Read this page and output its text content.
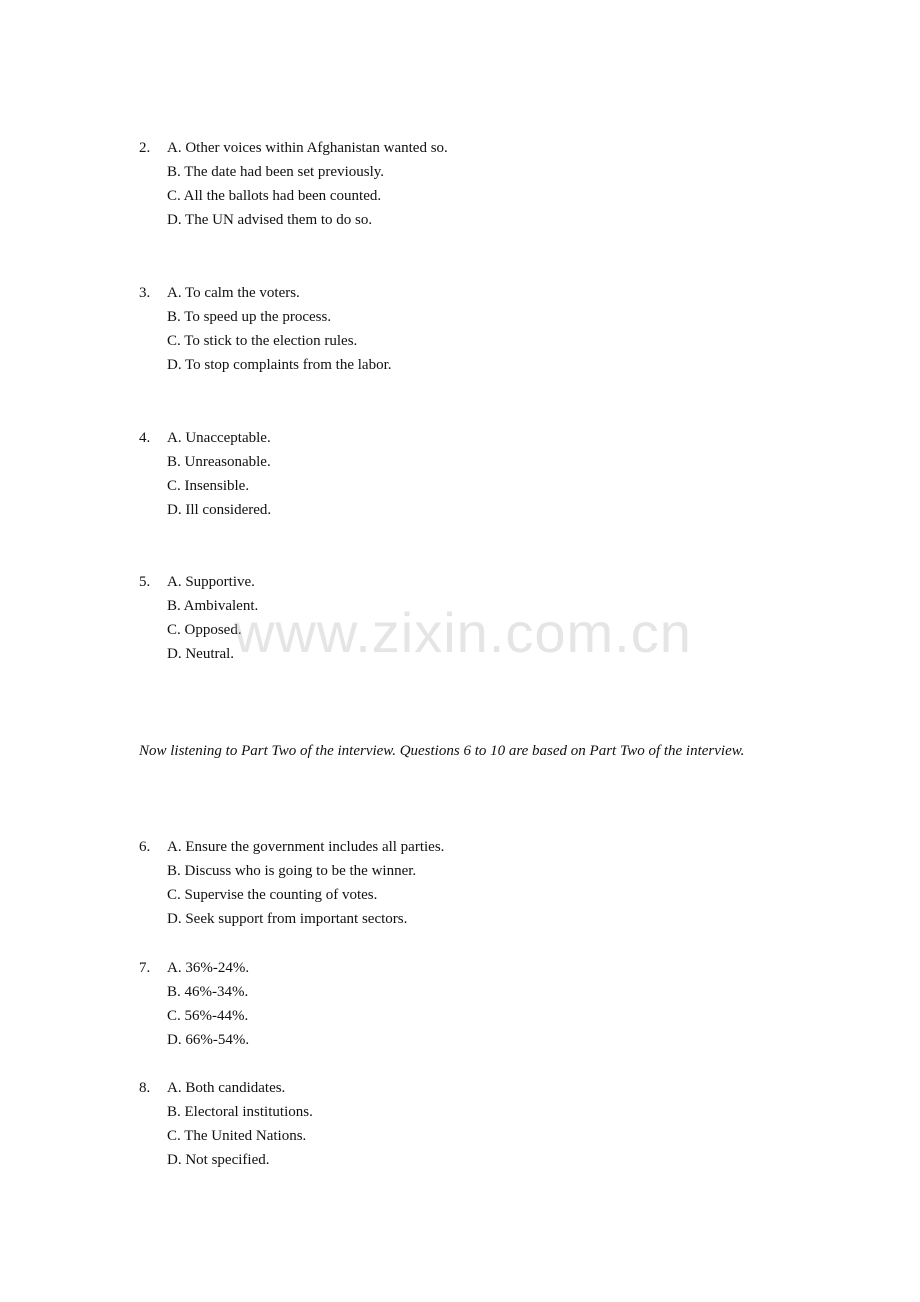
2. A. Other voices within Afghanistan wanted so.
B. The date had been set previously.
C. All the ballots had been counted.
D. The UN advised them to do so.
3. A. To calm the voters.
B. To speed up the process.
C. To stick to the election rules.
D. To stop complaints from the labor.
4. A. Unacceptable.
B. Unreasonable.
C. Insensible.
D. Ill considered.
5. A. Supportive.
B. Ambivalent.
C. Opposed.
D. Neutral. www.zixin.com.cn
Now listening to Part Two of the interview. Questions 6 to 10 are based on Part Two of the interview.
6. A. Ensure the government includes all parties.
B. Discuss who is going to be the winner.
C. Supervise the counting of votes.
D. Seek support from important sectors.
7. A. 36%-24%.
B. 46%-34%.
C. 56%-44%.
D. 66%-54%.
8. A. Both candidates.
B. Electoral institutions.
C. The United Nations.
D. Not specified.
